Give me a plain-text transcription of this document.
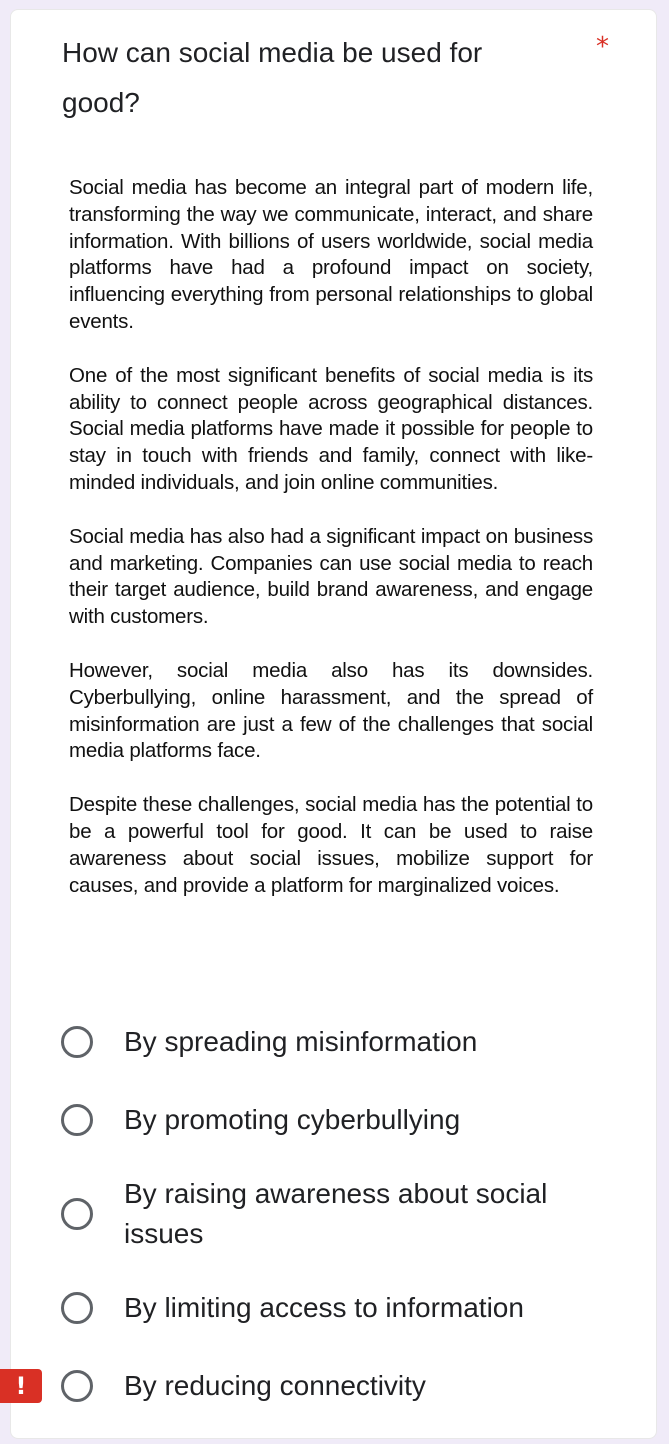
How can social media be used for good?
*

Social media has become an integral part of modern life, transforming the way we communicate, interact, and share information. With billions of users worldwide, social media platforms have had a profound impact on society, influencing everything from personal relationships to global events.

One of the most significant benefits of social media is its ability to connect people across geographical distances. Social media platforms have made it possible for people to stay in touch with friends and family, connect with like-minded individuals, and join online communities.

Social media has also had a significant impact on business and marketing. Companies can use social media to reach their target audience, build brand awareness, and engage with customers.

However, social media also has its downsides. Cyberbullying, online harassment, and the spread of misinformation are just a few of the challenges that social media platforms face.

Despite these challenges, social media has the potential to be a powerful tool for good. It can be used to raise awareness about social issues, mobilize support for causes, and provide a platform for marginalized voices.

By spreading misinformation
By promoting cyberbullying
By raising awareness about social issues
By limiting access to information
By reducing connectivity
!
